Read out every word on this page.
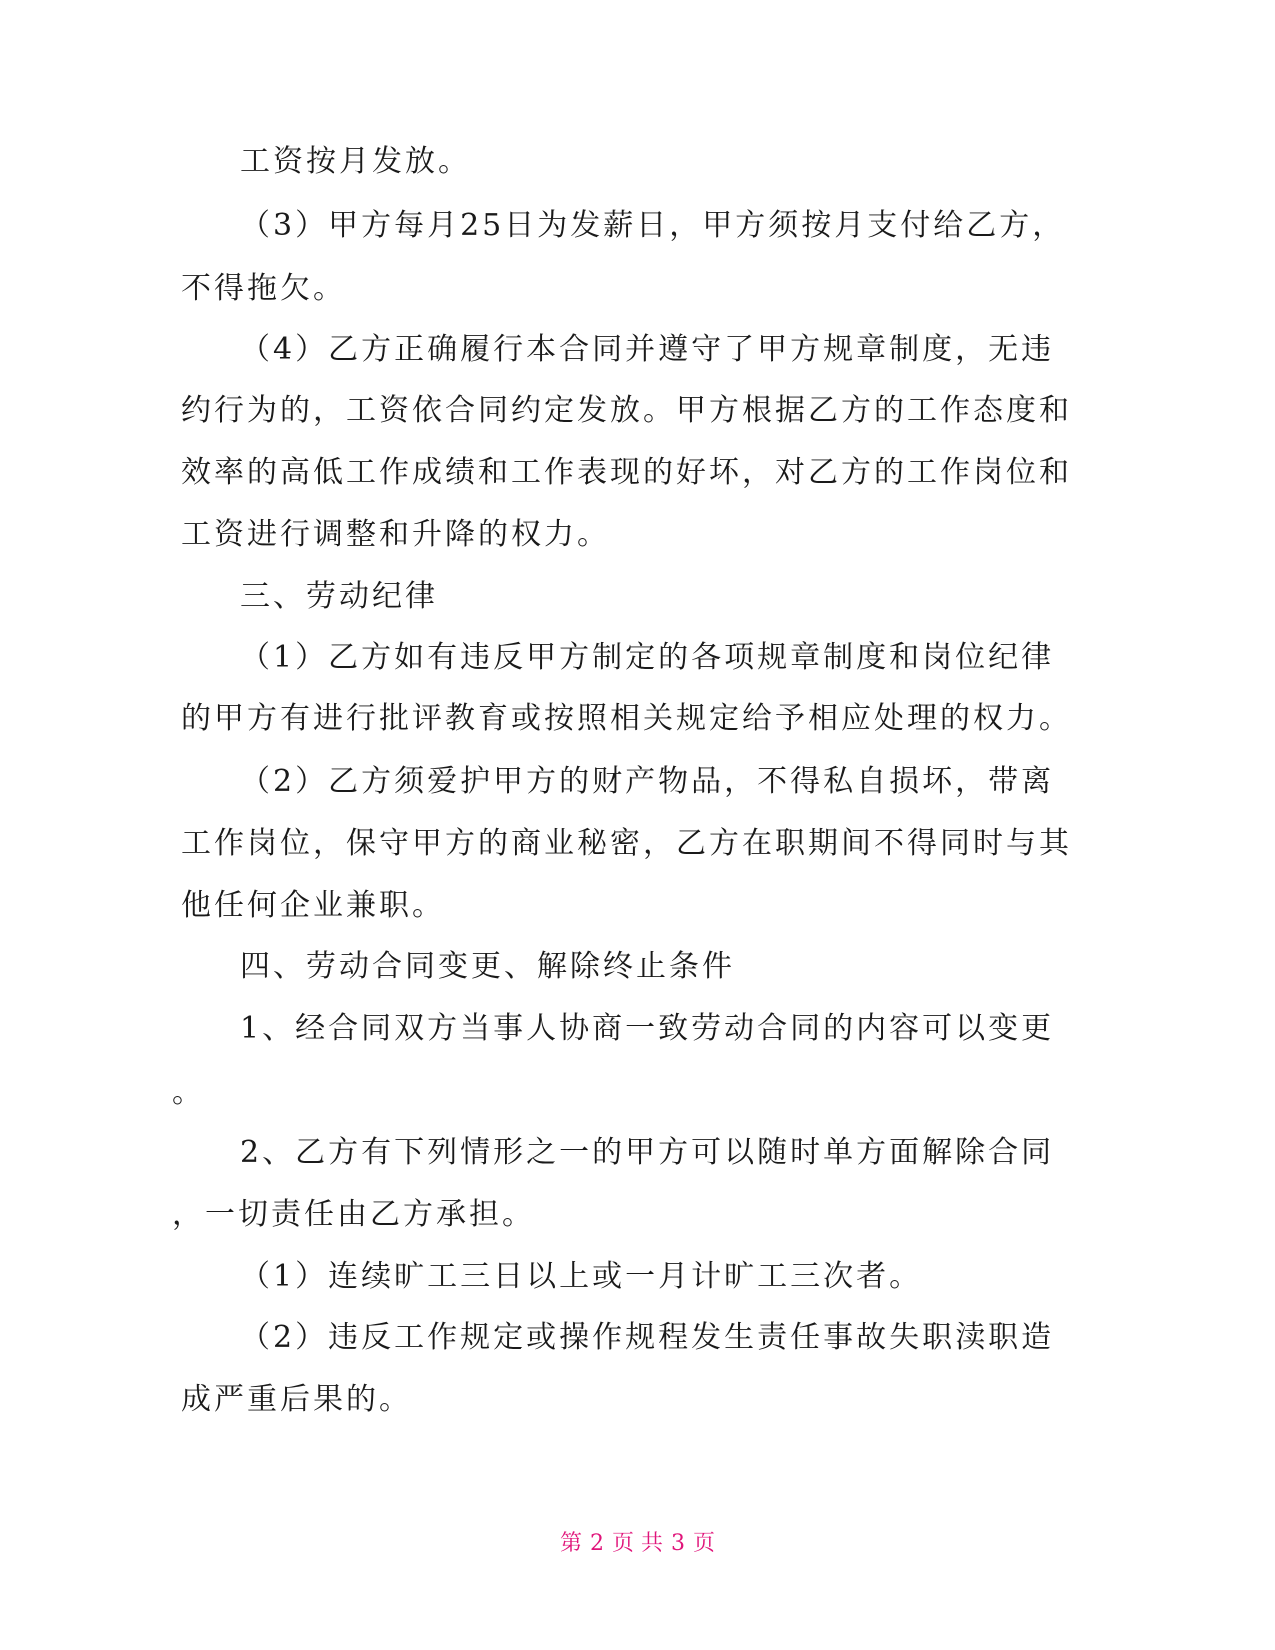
工资按月发放。
（3）甲方每月25日为发薪日，甲方须按月支付给乙方，
不得拖欠。
（4）乙方正确履行本合同并遵守了甲方规章制度，无违
约行为的，工资依合同约定发放。甲方根据乙方的工作态度和
效率的高低工作成绩和工作表现的好坏，对乙方的工作岗位和
工资进行调整和升降的权力。
三、劳动纪律
（1）乙方如有违反甲方制定的各项规章制度和岗位纪律
的甲方有进行批评教育或按照相关规定给予相应处理的权力。
（2）乙方须爱护甲方的财产物品，不得私自损坏，带离
工作岗位，保守甲方的商业秘密，乙方在职期间不得同时与其
他任何企业兼职。
四、劳动合同变更、解除终止条件
1、经合同双方当事人协商一致劳动合同的内容可以变更
。
2、乙方有下列情形之一的甲方可以随时单方面解除合同
，一切责任由乙方承担。
（1）连续旷工三日以上或一月计旷工三次者。
（2）违反工作规定或操作规程发生责任事故失职渎职造
成严重后果的。
第 2 页 共 3 页
